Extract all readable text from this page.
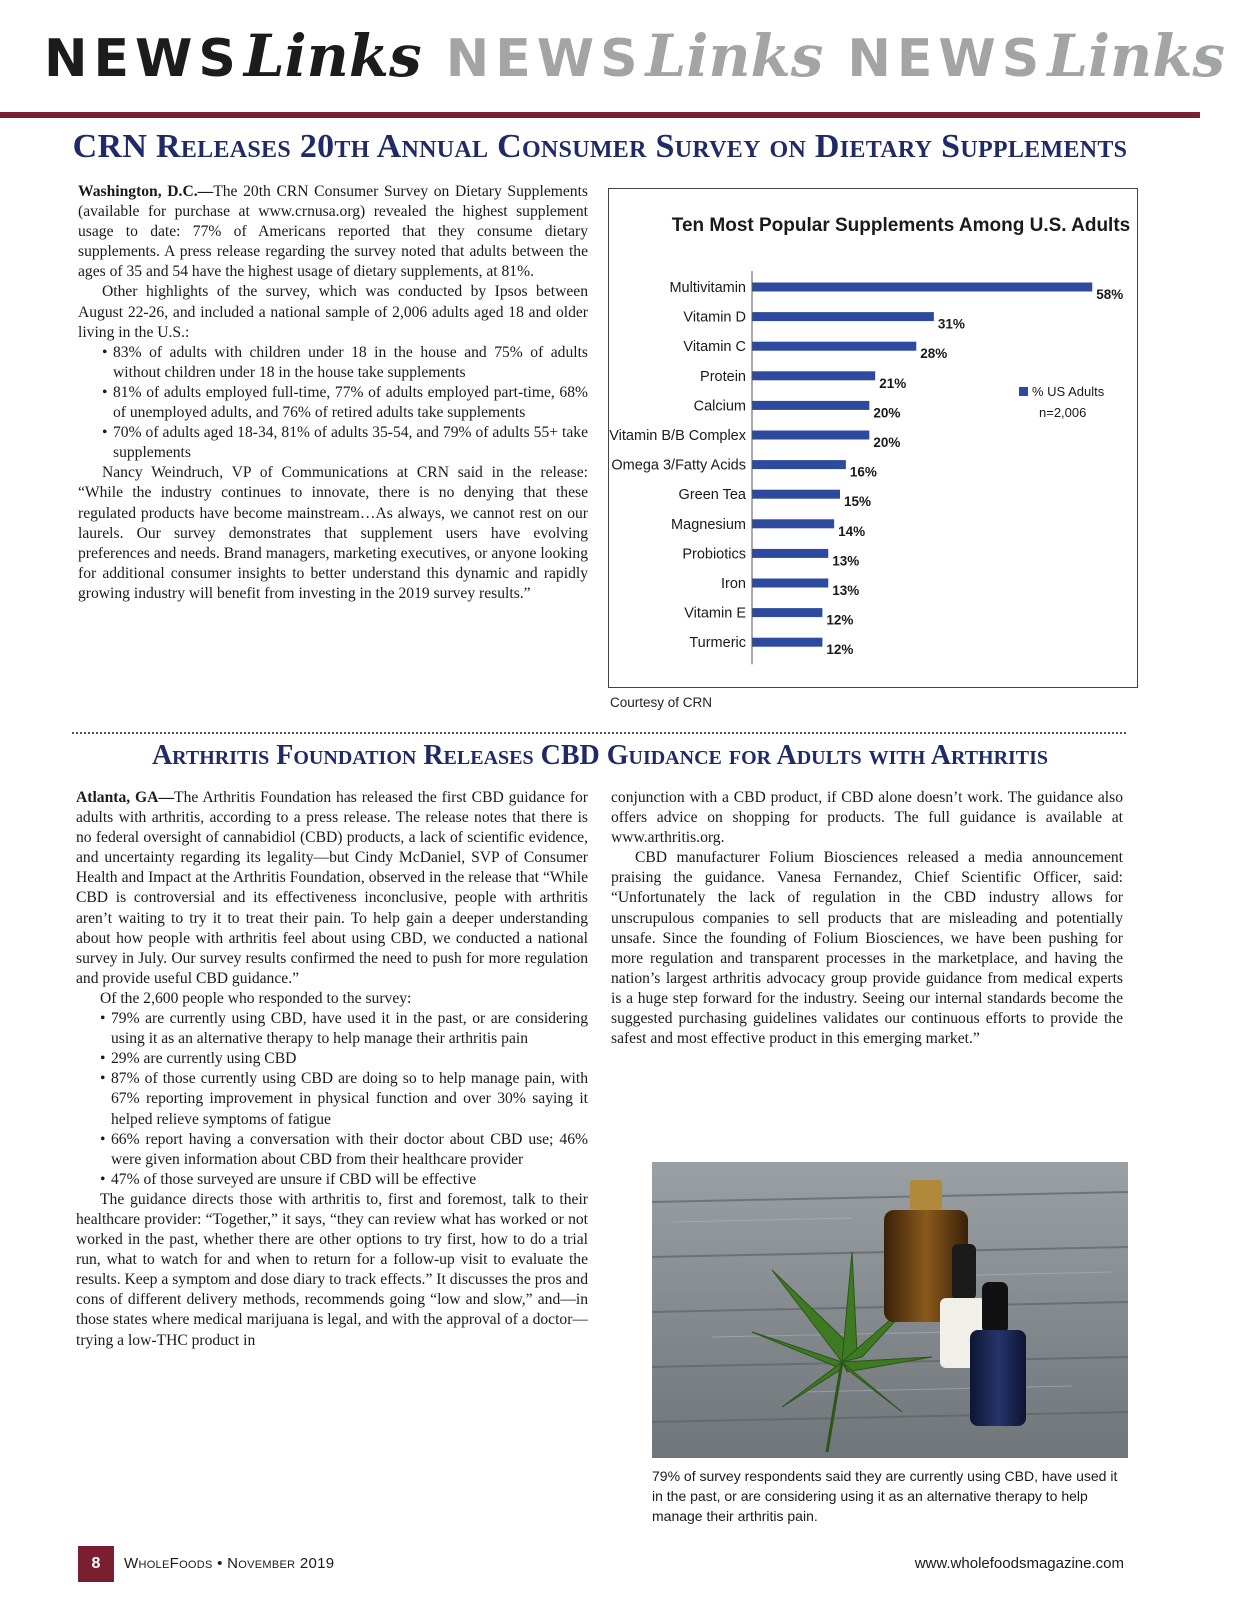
NEWSLinks NEWSLinks NEWSLinks
CRN Releases 20th Annual Consumer Survey on Dietary Supplements

Washington, D.C.—The 20th CRN Consumer Survey on Dietary Supplements (available for purchase at www.crnusa.org) revealed the highest supplement usage to date: 77% of Americans reported that they consume dietary supplements. A press release regarding the survey noted that adults between the ages of 35 and 54 have the highest usage of dietary supplements, at 81%.

Other highlights of the survey, which was conducted by Ipsos between August 22-26, and included a national sample of 2,006 adults aged 18 and older living in the U.S.:

• 83% of adults with children under 18 in the house and 75% of adults without children under 18 in the house take supplements
• 81% of adults employed full-time, 77% of adults employed part-time, 68% of unemployed adults, and 76% of retired adults take supplements
• 70% of adults aged 18-34, 81% of adults 35-54, and 79% of adults 55+ take supplements

Nancy Weindruch, VP of Communications at CRN said in the release: “While the industry continues to innovate, there is no denying that these regulated products have become mainstream…As always, we cannot rest on our laurels. Our survey demonstrates that supplement users have evolving preferences and needs. Brand managers, marketing executives, or anyone looking for additional consumer insights to better understand this dynamic and rapidly growing industry will benefit from investing in the 2019 survey results.”

Ten Most Popular Supplements Among U.S. Adults
Multivitamin	58%
Vitamin D	31%
Vitamin C	28%
Protein	21%
Calcium	20%
Vitamin B/B Complex	20%
Omega 3/Fatty Acids	16%
Green Tea	15%
Magnesium	14%
Probiotics	13%
Iron	13%
Vitamin E	12%
Turmeric	12%
% US Adults
n=2,006
Courtesy of CRN
Arthritis Foundation Releases CBD Guidance for Adults with Arthritis

Atlanta, GA—The Arthritis Foundation has released the first CBD guidance for adults with arthritis, according to a press release. The release notes that there is no federal oversight of cannabidiol (CBD) products, a lack of scientific evidence, and uncertainty regarding its legality—but Cindy McDaniel, SVP of Consumer Health and Impact at the Arthritis Foundation, observed in the release that “While CBD is controversial and its effectiveness inconclusive, people with arthritis aren’t waiting to try it to treat their pain. To help gain a deeper understanding about how people with arthritis feel about using CBD, we conducted a national survey in July. Our survey results confirmed the need to push for more regulation and provide useful CBD guidance.”

Of the 2,600 people who responded to the survey:

• 79% are currently using CBD, have used it in the past, or are considering using it as an alternative therapy to help manage their arthritis pain
• 29% are currently using CBD
• 87% of those currently using CBD are doing so to help manage pain, with 67% reporting improvement in physical function and over 30% saying it helped relieve symptoms of fatigue
• 66% report having a conversation with their doctor about CBD use; 46% were given information about CBD from their healthcare provider
• 47% of those surveyed are unsure if CBD will be effective

The guidance directs those with arthritis to, first and foremost, talk to their healthcare provider: “Together,” it says, “they can review what has worked or not worked in the past, whether there are other options to try first, how to do a trial run, what to watch for and when to return for a follow-up visit to evaluate the results. Keep a symptom and dose diary to track effects.” It discusses the pros and cons of different delivery methods, recommends going “low and slow,” and—in those states where medical marijuana is legal, and with the approval of a doctor—trying a low-THC product in

conjunction with a CBD product, if CBD alone doesn’t work. The guidance also offers advice on shopping for products. The full guidance is available at www.arthritis.org.

CBD manufacturer Folium Biosciences released a media announcement praising the guidance. Vanesa Fernandez, Chief Scientific Officer, said: “Unfortunately the lack of regulation in the CBD industry allows for unscrupulous companies to sell products that are misleading and potentially unsafe. Since the founding of Folium Biosciences, we have been pushing for more regulation and transparent processes in the marketplace, and having the nation’s largest arthritis advocacy group provide guidance from medical experts is a huge step forward for the industry. Seeing our internal standards become the suggested purchasing guidelines validates our continuous efforts to provide the safest and most effective product in this emerging market.”

79% of survey respondents said they are currently using CBD, have used it in the past, or are considering using it as an alternative therapy to help manage their arthritis pain.
8	WholeFoods • November 2019	www.wholefoodsmagazine.com
